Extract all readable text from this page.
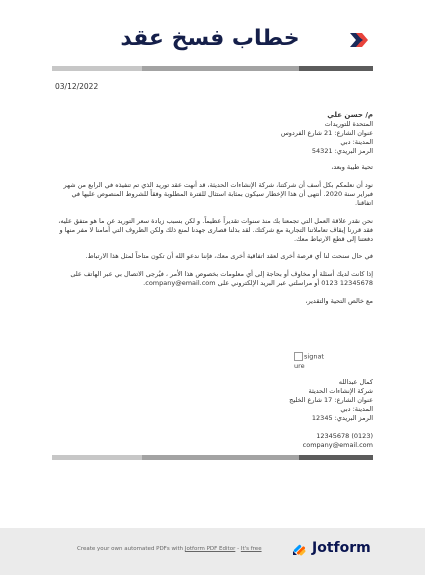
خطاب فسخ عقد
03/12/2022
م/ حسن علي
المتحدة للتوريدات
عنوان الشارع: 21 شارع الفردوس
المدينة: دبي
الرمز البريدي: 54321
تحية طيبة وبعد،
نود أن نعلمكم بكل أسف أن شركتنا، شركة الإنشاءات الحديثة، قد أنهت عقد توريد الذي تم تنفيذه في الرابع من شهر فبراير سنة 2020. أنتهى أن هذا الإخطار سيكون بمثابة استثال للفترة المطلوبة وفقاً للشروط المنصوص عليها في اتفاقنا.
نحن نقدر علاقة العمل التي تجمعنا بك منذ سنوات تقديراً عظيماً. و لكن بسبب زيادة سعر التوريد عن ما هو متفق عليه، فقد قررنا إيقاف تعاملاتنا التجارية مع شركتك. لقد بذلنا قصارى جهدنا لمنع ذلك ولكن الظروف التي أمامنا لا مفر منها و دفعتنا إلى قطع الارتباط معك.
في حال سنحت لنا أي فرصة أخرى لعقد اتفاقية أخرى معك، فإننا ندعو الله أن تكون متاحاً لمثل هذا الارتباط.
إذا كانت لديك أسئلة أو مخاوف أو بحاجة إلى أي معلومات بخصوص هذا الأمر ، فيُرجى الاتصال بي عبر الهاتف على 12345678 0123 أو مراسلتي عبر البريد الإلكتروني على company@email.com.
مع خالص التحية والتقدير،
signat ure
كمال عبدالله
شركة الإنشاءات الحديثة
عنوان الشارع: 17 شارع الخليج
المدينة: دبي
الرمز البريدي: 12345
(0123) 12345678
company@email.com
Create your own automated PDFs with Jotform PDF Editor - It's free	Jotform
